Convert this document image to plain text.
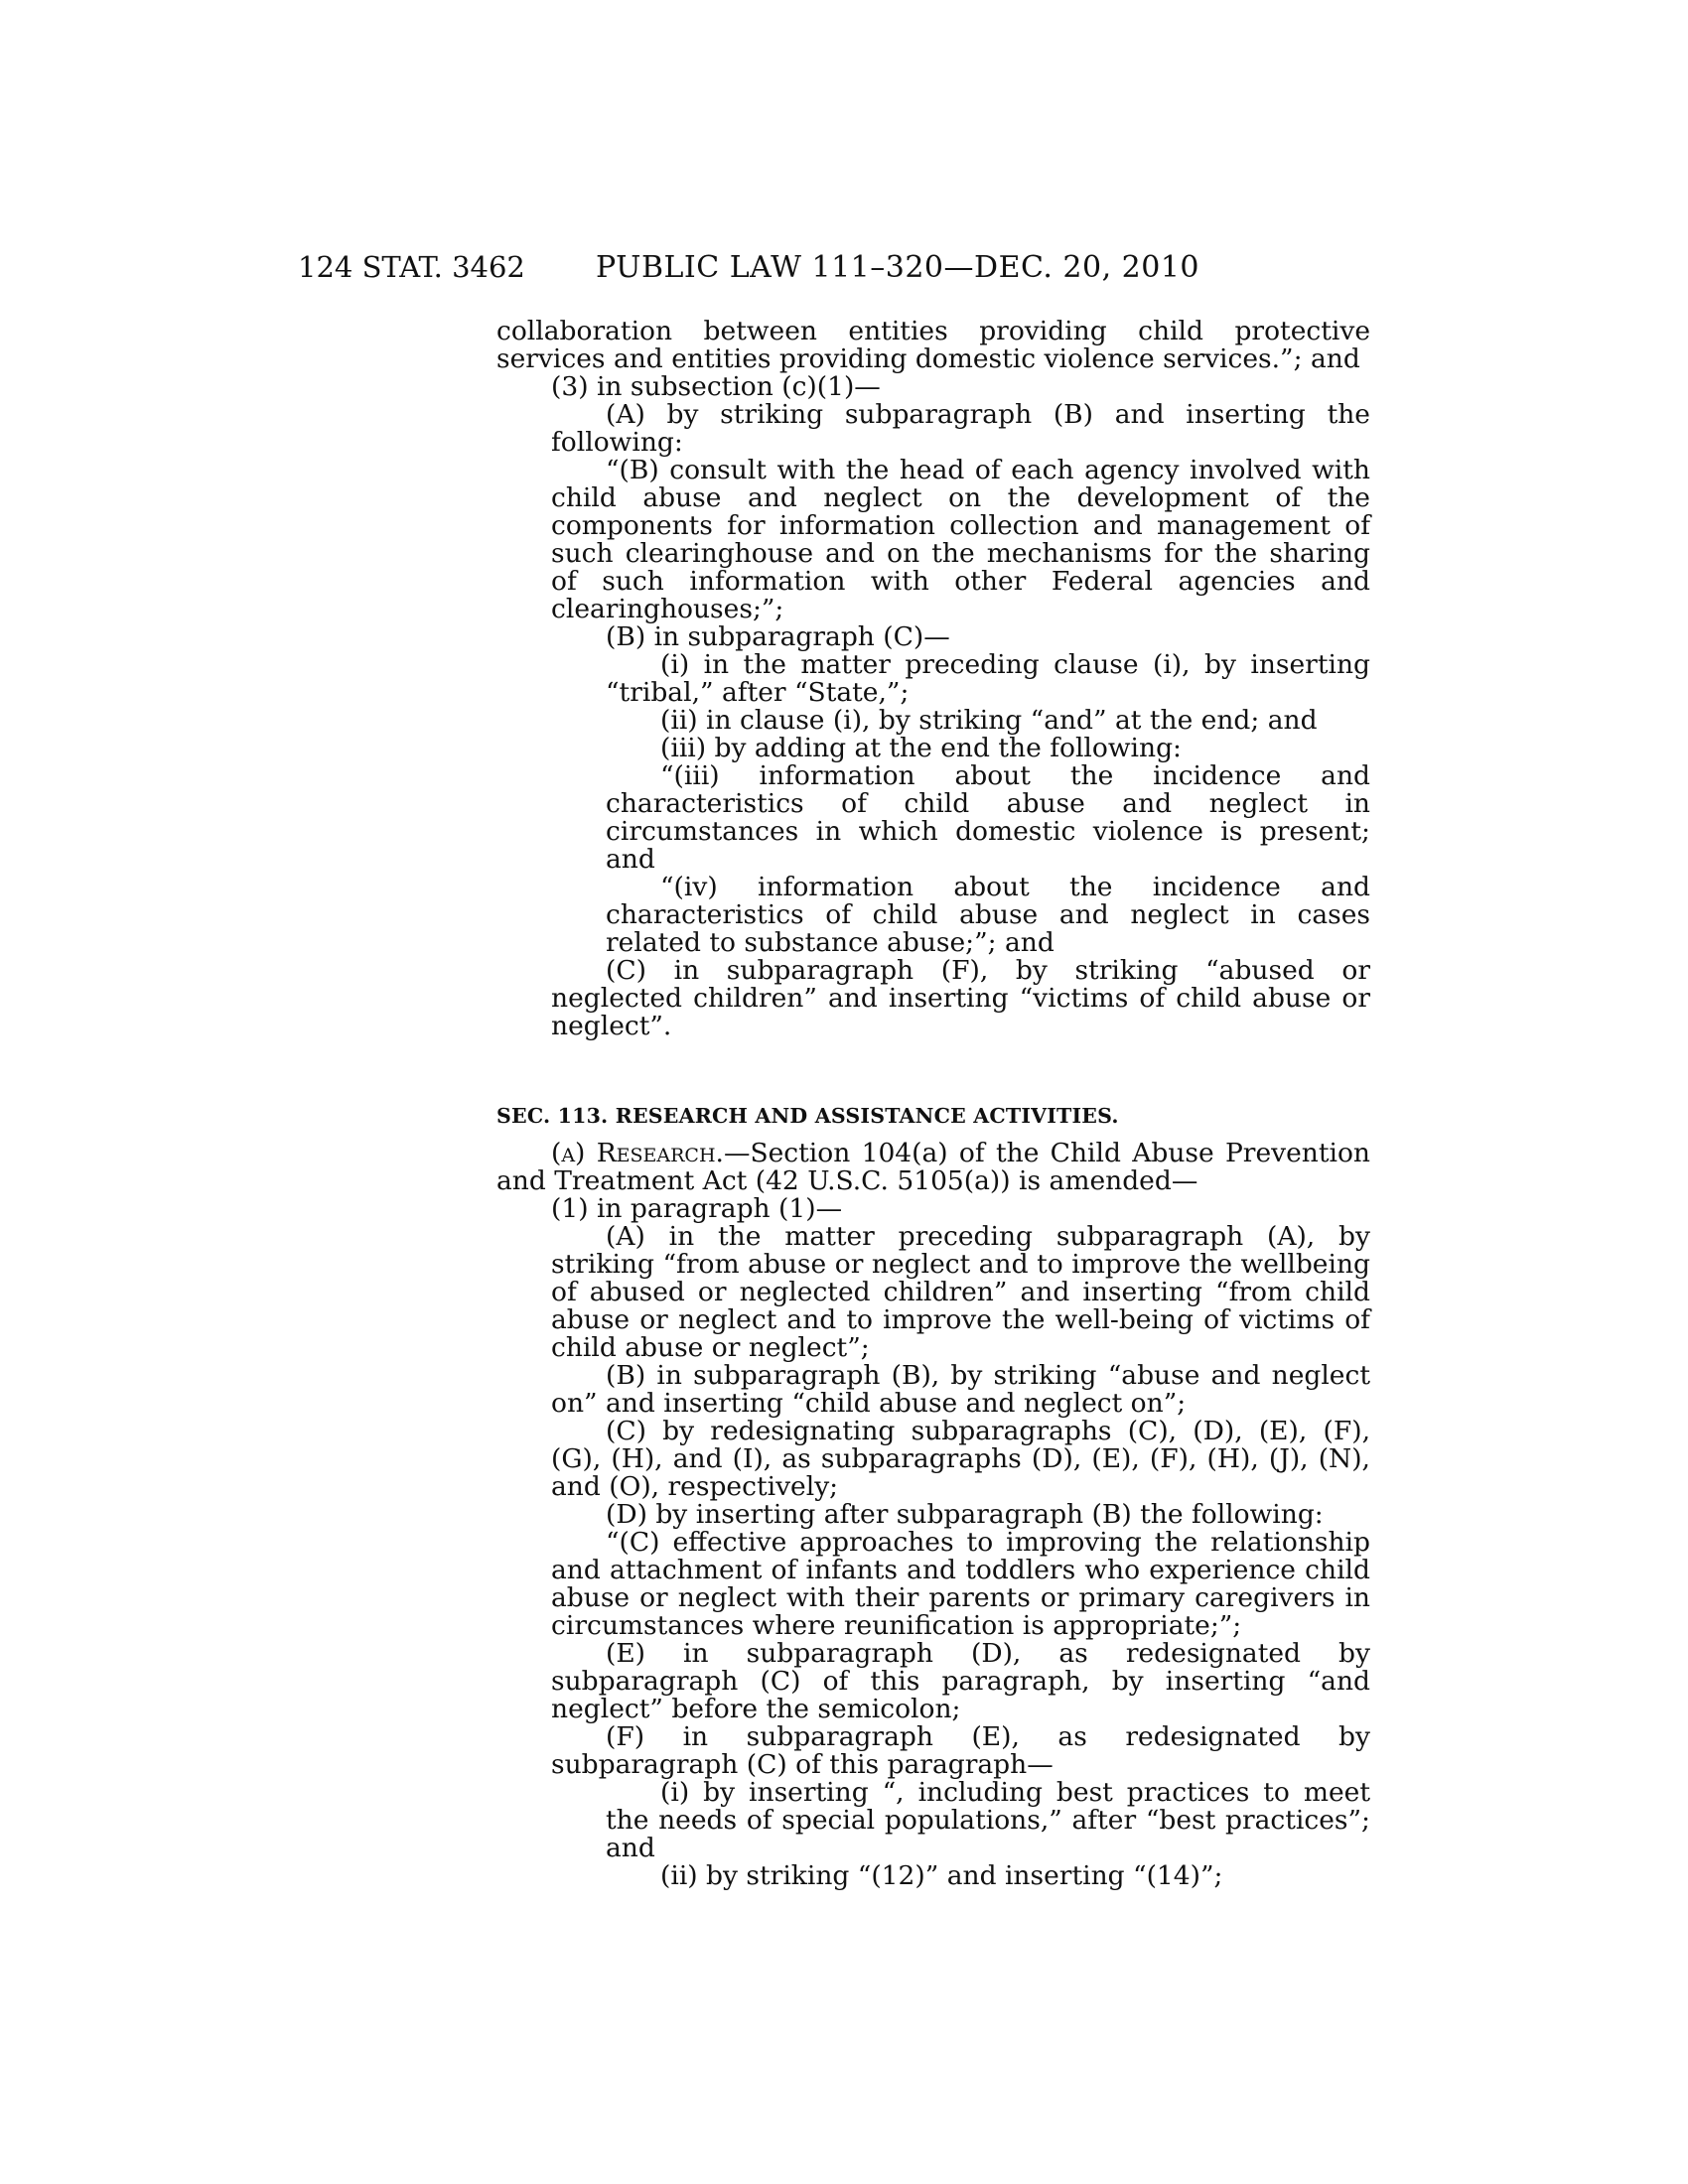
124 STAT. 3462 PUBLIC LAW 111–320—DEC. 20, 2010

collaboration between entities providing child protective services and entities providing domestic violence services.”; and

(3) in subsection (c)(1)—

(A) by striking subparagraph (B) and inserting the following:

“(B) consult with the head of each agency involved with child abuse and neglect on the development of the components for information collection and management of such clearinghouse and on the mechanisms for the sharing of such information with other Federal agencies and clearinghouses;”;

(B) in subparagraph (C)—

(i) in the matter preceding clause (i), by inserting “tribal,” after “State,”;

(ii) in clause (i), by striking “and” at the end; and

(iii) by adding at the end the following:

“(iii) information about the incidence and characteristics of child abuse and neglect in circumstances in which domestic violence is present; and

“(iv) information about the incidence and characteristics of child abuse and neglect in cases related to substance abuse;”; and

(C) in subparagraph (F), by striking “abused or neglected children” and inserting “victims of child abuse or neglect”.

SEC. 113. RESEARCH AND ASSISTANCE ACTIVITIES.

(a) Research.—Section 104(a) of the Child Abuse Prevention and Treatment Act (42 U.S.C. 5105(a)) is amended—

(1) in paragraph (1)—

(A) in the matter preceding subparagraph (A), by striking “from abuse or neglect and to improve the wellbeing of abused or neglected children” and inserting “from child abuse or neglect and to improve the well-being of victims of child abuse or neglect”;

(B) in subparagraph (B), by striking “abuse and neglect on” and inserting “child abuse and neglect on”;

(C) by redesignating subparagraphs (C), (D), (E), (F), (G), (H), and (I), as subparagraphs (D), (E), (F), (H), (J), (N), and (O), respectively;

(D) by inserting after subparagraph (B) the following:

“(C) effective approaches to improving the relationship and attachment of infants and toddlers who experience child abuse or neglect with their parents or primary caregivers in circumstances where reunification is appropriate;”;

(E) in subparagraph (D), as redesignated by subparagraph (C) of this paragraph, by inserting “and neglect” before the semicolon;

(F) in subparagraph (E), as redesignated by subparagraph (C) of this paragraph—

(i) by inserting “, including best practices to meet the needs of special populations,” after “best practices”; and

(ii) by striking “(12)” and inserting “(14)”;
